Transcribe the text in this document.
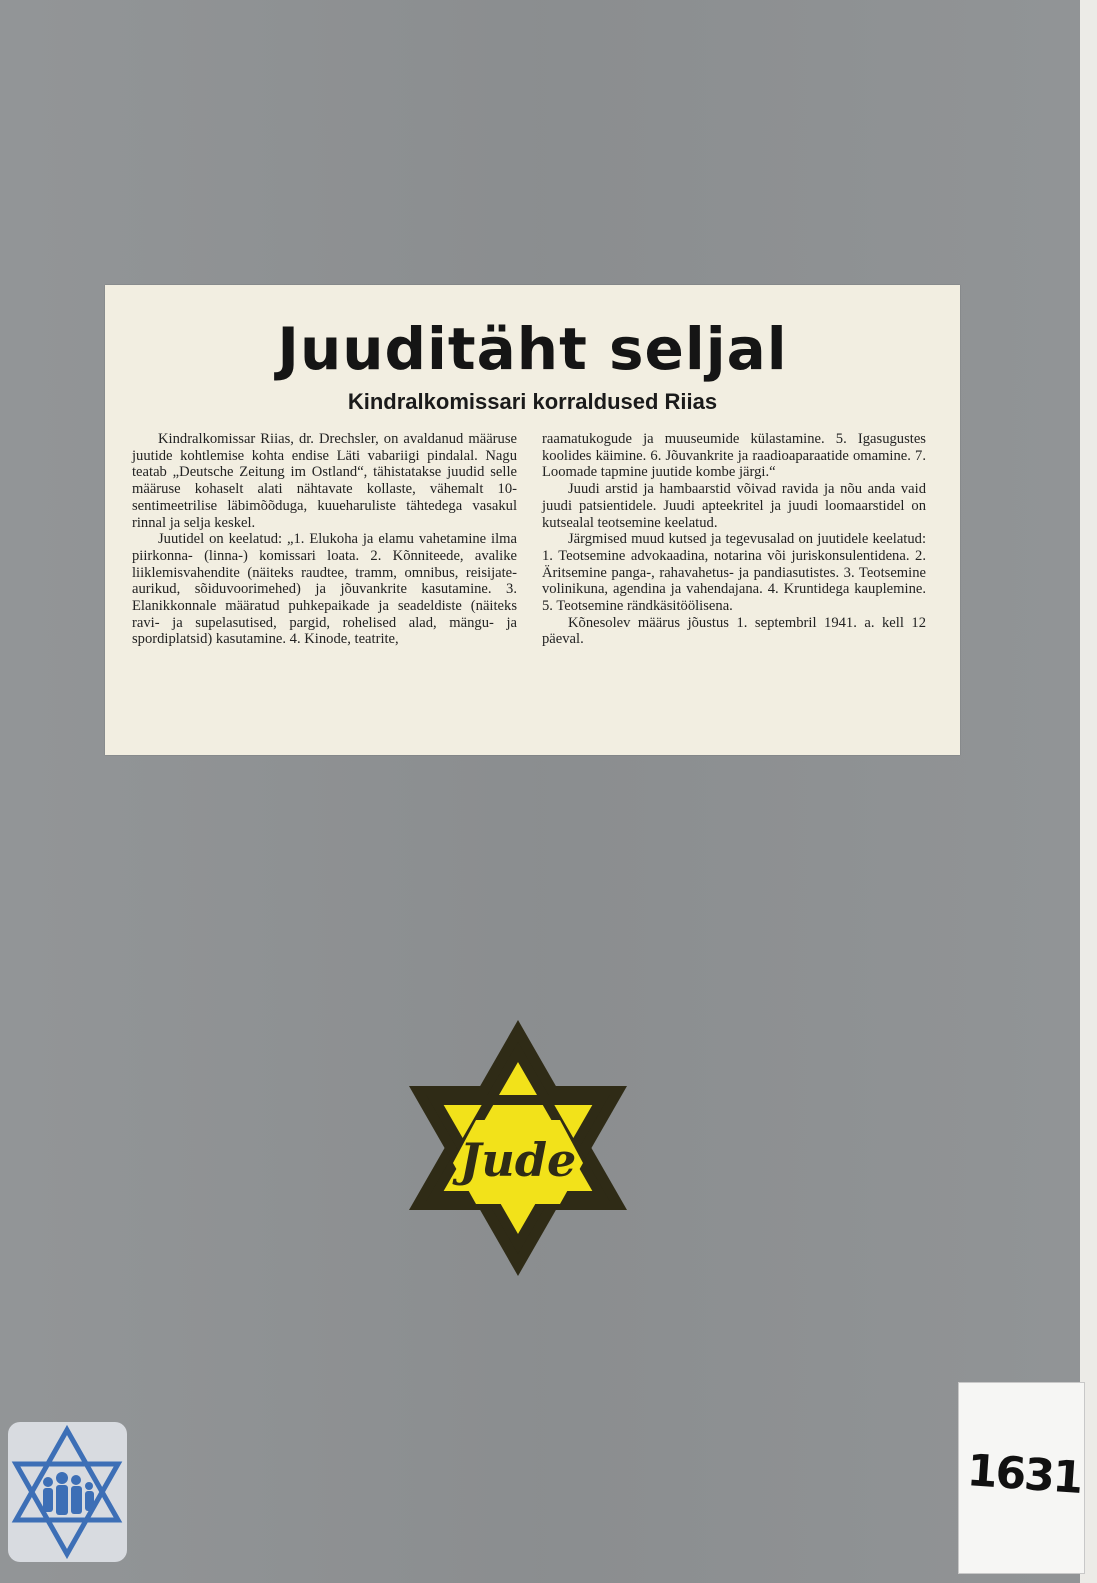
Juuditäht seljal
Kindralkomissari korraldused Riias

Kindralkomissar Riias, dr. Drechsler, on avaldanud määruse juutide kohtlemise kohta endise Läti vabariigi pindalal. Nagu teatab „Deutsche Zeitung im Ostland“, tähistatakse juudid selle määruse kohaselt alati nähtavate kollaste, vähemalt 10-sentimeetrilise läbimõõduga, kuueharuliste tähtedega vasakul rinnal ja selja keskel.

Juutidel on keelatud: „1. Elukoha ja elamu vahetamine ilma piirkonna- (linna-) komissari loata. 2. Kõnniteede, avalike liiklemisvahendite (näiteks raudtee, tramm, omnibus, reisijate-aurikud, sõiduvoorimehed) ja jõuvankrite kasutamine. 3. Elanikkonnale määratud puhkepaikade ja seadeldiste (näiteks ravi- ja supelasutised, pargid, rohelised alad, mängu- ja spordiplatsid) kasutamine. 4. Kinode, teatrite,

raamatukogude ja muuseumide külastamine. 5. Igasugustes koolides käimine. 6. Jõuvankrite ja raadioaparaatide omamine. 7. Loomade tapmine juutide kombe järgi.“

Juudi arstid ja hambaarstid võivad ravida ja nõu anda vaid juudi patsientidele. Juudi apteekritel ja juudi loomaarstidel on kutsealal teotsemine keelatud.

Järgmised muud kutsed ja tegevusalad on juutidele keelatud: 1. Teotsemine advokaadina, notarina või juriskonsulentidena. 2. Äritsemine panga-, rahavahetus- ja pandiasutistes. 3. Teotsemine volinikuna, agendina ja vahendajana. 4. Kruntidega kauplemine. 5. Teotsemine rändkäsitöölisena.

Kõnesolev määrus jõustus 1. septembril 1941. a. kell 12 päeval.

Jude
1631
